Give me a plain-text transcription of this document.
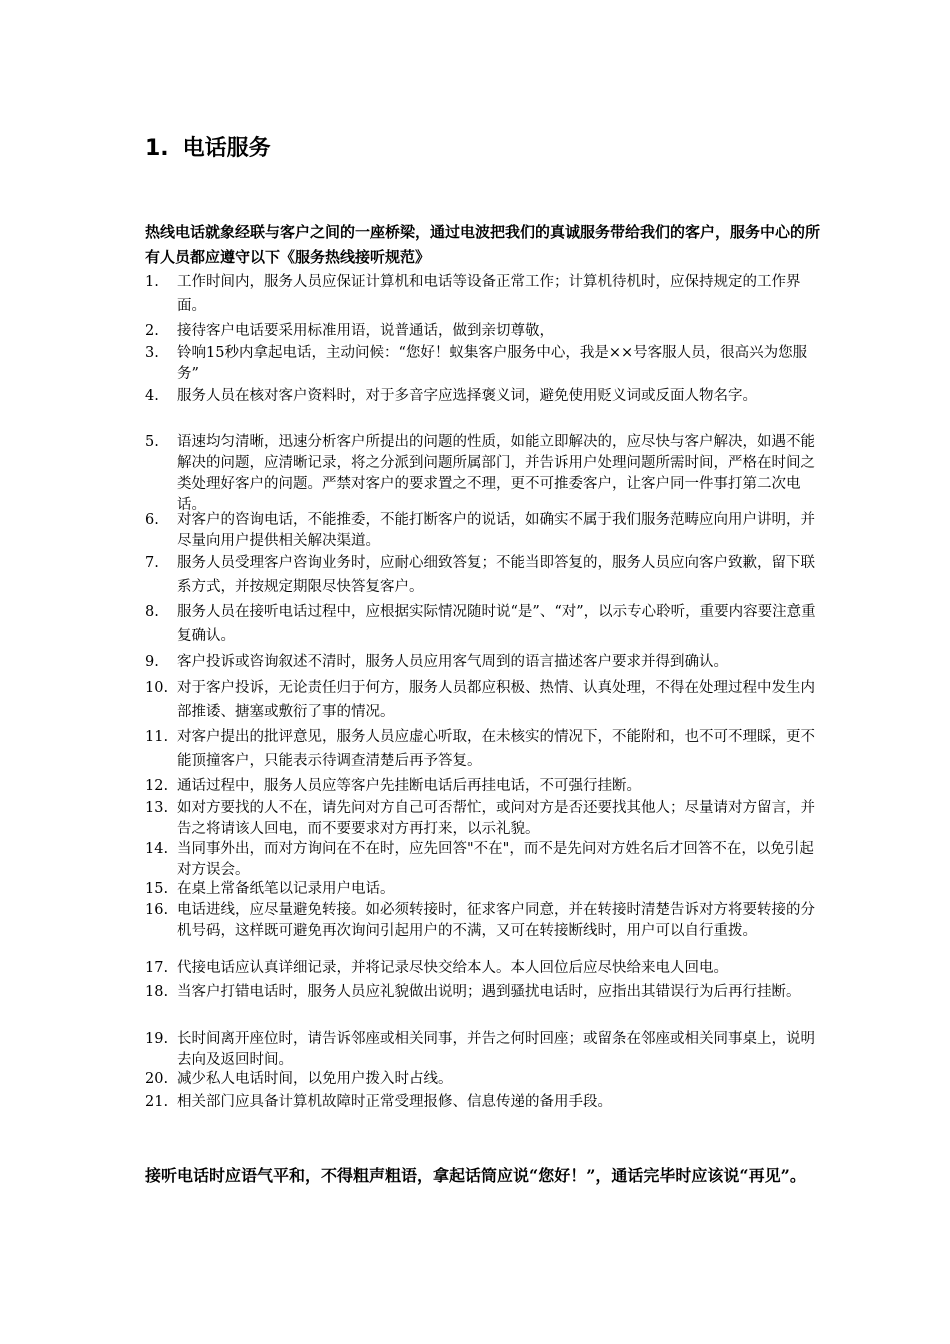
1. 电话服务

热线电话就象经联与客户之间的一座桥梁，通过电波把我们的真诚服务带给我们的客户，服务中心的所有人员都应遵守以下《服务热线接听规范》

1.	工作时间内，服务人员应保证计算机和电话等设备正常工作；计算机待机时，应保持规定的工作界面。
2.	接待客户电话要采用标准用语，说普通话，做到亲切尊敬，
3.	铃响15秒内拿起电话，主动问候：“您好！蚁集客户服务中心，我是××号客服人员，很高兴为您服务”
4.	服务人员在核对客户资料时，对于多音字应选择褒义词，避免使用贬义词或反面人物名字。
5.	语速均匀清晰，迅速分析客户所提出的问题的性质，如能立即解决的，应尽快与客户解决，如遇不能解决的问题，应清晰记录，将之分派到问题所属部门，并告诉用户处理问题所需时间，严格在时间之类处理好客户的问题。严禁对客户的要求置之不理，更不可推委客户，让客户同一件事打第二次电话。
6.	对客户的咨询电话，不能推委，不能打断客户的说话，如确实不属于我们服务范畴应向用户讲明，并尽量向用户提供相关解决渠道。
7.	服务人员受理客户咨询业务时，应耐心细致答复；不能当即答复的，服务人员应向客户致歉，留下联系方式，并按规定期限尽快答复客户。
8.	服务人员在接听电话过程中，应根据实际情况随时说“是”、“对”，以示专心聆听，重要内容要注意重复确认。
9.	客户投诉或咨询叙述不清时，服务人员应用客气周到的语言描述客户要求并得到确认。
10. 对于客户投诉，无论责任归于何方，服务人员都应积极、热情、认真处理，不得在处理过程中发生内部推诿、搪塞或敷衍了事的情况。
11. 对客户提出的批评意见，服务人员应虚心听取，在未核实的情况下，不能附和，也不可不理睬，更不能顶撞客户，只能表示待调查清楚后再予答复。
12. 通话过程中，服务人员应等客户先挂断电话后再挂电话，不可强行挂断。
13. 如对方要找的人不在，请先问对方自己可否帮忙，或问对方是否还要找其他人；尽量请对方留言，并告之将请该人回电，而不要要求对方再打来，以示礼貌。
14. 当同事外出，而对方询问在不在时，应先回答"不在"，而不是先问对方姓名后才回答不在，以免引起对方误会。
15. 在桌上常备纸笔以记录用户电话。
16. 电话进线，应尽量避免转接。如必须转接时，征求客户同意，并在转接时清楚告诉对方将要转接的分机号码，这样既可避免再次询问引起用户的不满，又可在转接断线时，用户可以自行重拨。
17. 代接电话应认真详细记录，并将记录尽快交给本人。本人回位后应尽快给来电人回电。
18. 当客户打错电话时，服务人员应礼貌做出说明；遇到骚扰电话时，应指出其错误行为后再行挂断。
19. 长时间离开座位时，请告诉邻座或相关同事，并告之何时回座；或留条在邻座或相关同事桌上，说明去向及返回时间。
20. 减少私人电话时间，以免用户拨入时占线。
21. 相关部门应具备计算机故障时正常受理报修、信息传递的备用手段。

接听电话时应语气平和，不得粗声粗语，拿起话筒应说“您好！”，通话完毕时应该说“再见”。
